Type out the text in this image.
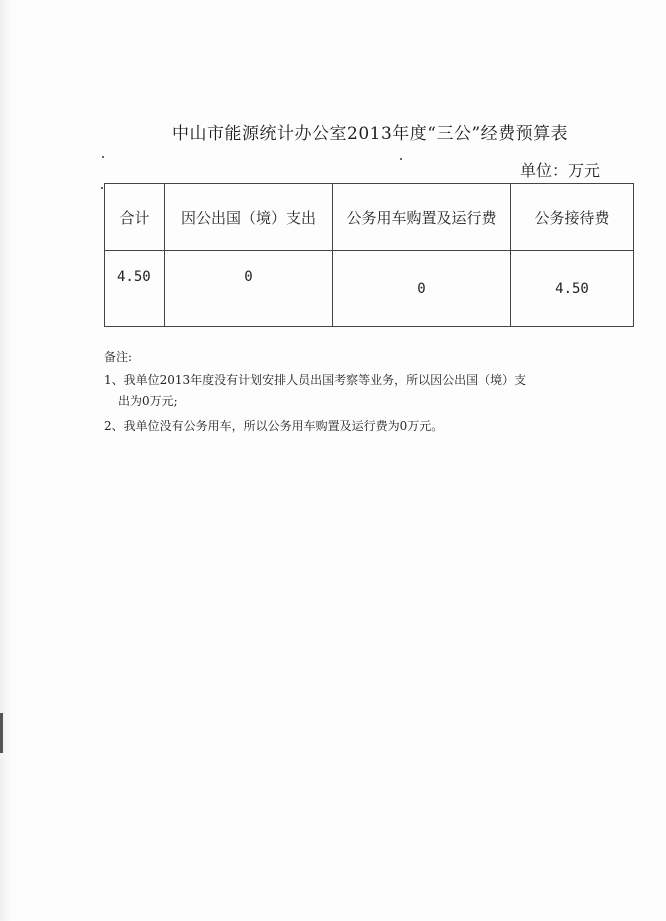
中山市能源统计办公室2013年度“三公”经费预算表
单位：万元
合计	因公出国（境）支出	公务用车购置及运行费	公务接待费
4.50	0	0	4.50
备注:
1、我单位2013年度没有计划安排人员出国考察等业务，所以因公出国（境）支
出为0万元;
2、我单位没有公务用车，所以公务用车购置及运行费为0万元。
